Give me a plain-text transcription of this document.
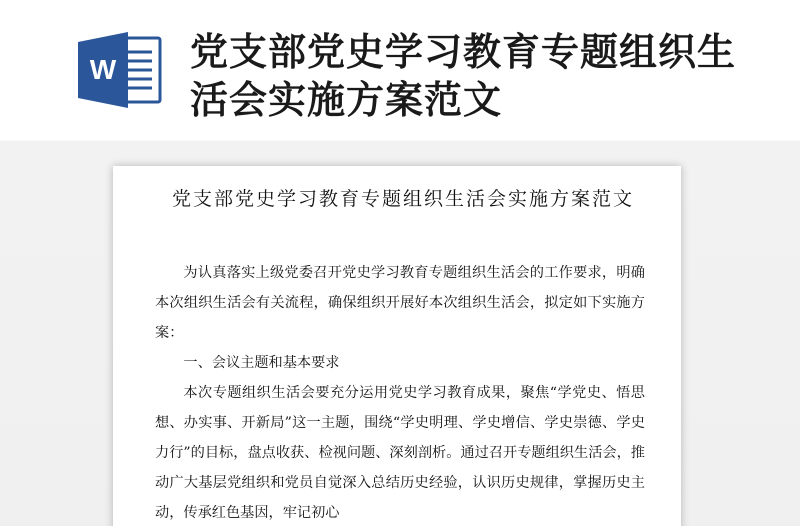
W 党支部党史学习教育专题组织生活会实施方案范文
党支部党史学习教育专题组织生活会实施方案范文

为认真落实上级党委召开党史学习教育专题组织生活会的工作要求，明确本次组织生活会有关流程，确保组织开展好本次组织生活会，拟定如下实施方案：

一、会议主题和基本要求

本次专题组织生活会要充分运用党史学习教育成果，聚焦“学党史、悟思想、办实事、开新局”这一主题，围绕“学史明理、学史增信、学史崇德、学史力行”的目标，盘点收获、检视问题、深刻剖析。通过召开专题组织生活会，推动广大基层党组织和党员自觉深入总结历史经验，认识历史规律，掌握历史主动，传承红色基因，牢记初心
